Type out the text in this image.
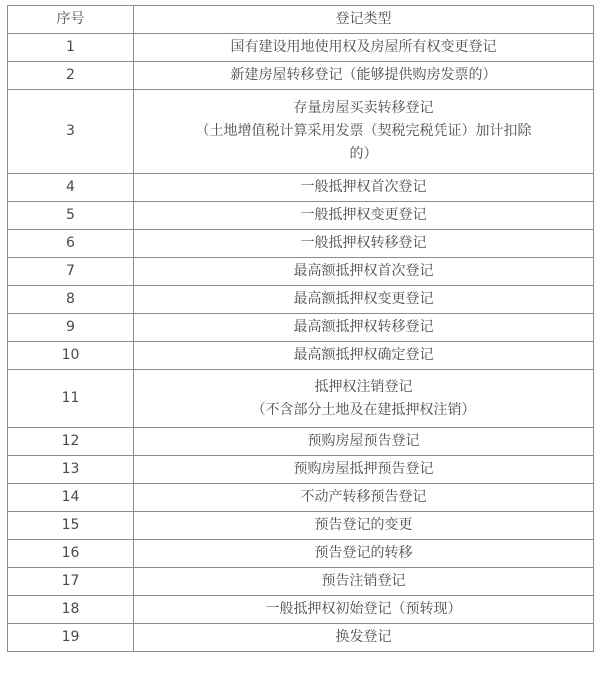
序号	登记类型
1	国有建设用地使用权及房屋所有权变更登记

2	新建房屋转移登记（能够提供购房发票的）

3	存量房屋买卖转移登记
（土地增值税计算采用发票（契税完税凭证）加计扣除
的）

4	一般抵押权首次登记

5	一般抵押权变更登记

6	一般抵押权转移登记

7	最高额抵押权首次登记

8	最高额抵押权变更登记

9	最高额抵押权转移登记

10	最高额抵押权确定登记

11	抵押权注销登记
（不含部分土地及在建抵押权注销）

12	预购房屋预告登记

13	预购房屋抵押预告登记

14	不动产转移预告登记

15	预告登记的变更

16	预告登记的转移

17	预告注销登记

18	一般抵押权初始登记（预转现）

19	换发登记
